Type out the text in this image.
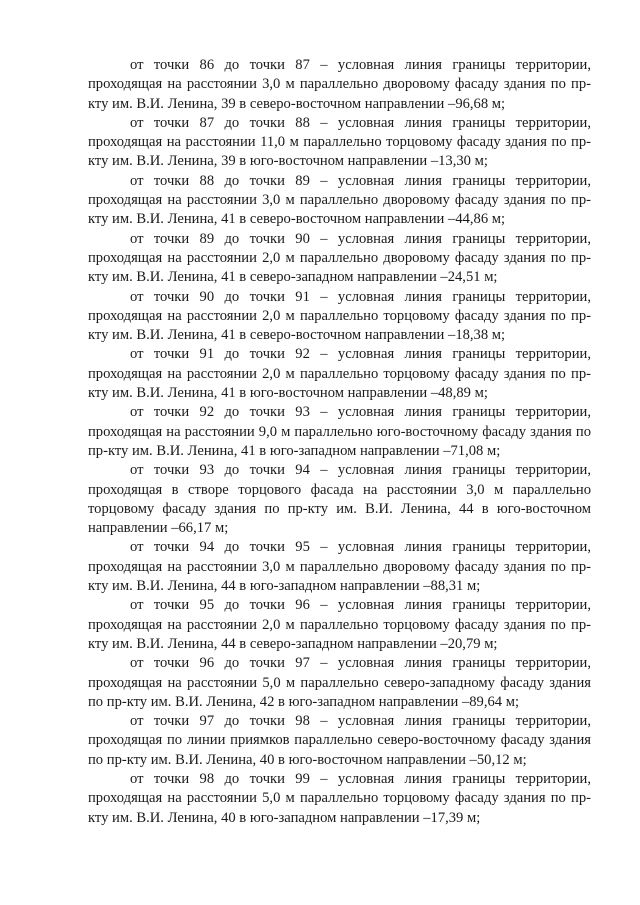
от точки 86 до точки 87 – условная линия границы территории, проходящая на расстоянии 3,0 м параллельно дворовому фасаду здания по пр-кту им. В.И. Ленина, 39 в северо-восточном направлении –96,68 м;

от точки 87 до точки 88 – условная линия границы территории, проходящая на расстоянии 11,0 м параллельно торцовому фасаду здания по пр-кту им. В.И. Ленина, 39 в юго-восточном направлении –13,30 м;

от точки 88 до точки 89 – условная линия границы территории, проходящая на расстоянии 3,0 м параллельно дворовому фасаду здания по пр-кту им. В.И. Ленина, 41 в северо-восточном направлении –44,86 м;

от точки 89 до точки 90 – условная линия границы территории, проходящая на расстоянии 2,0 м параллельно дворовому фасаду здания по пр-кту им. В.И. Ленина, 41 в северо-западном направлении –24,51 м;

от точки 90 до точки 91 – условная линия границы территории, проходящая на расстоянии 2,0 м параллельно торцовому фасаду здания по пр-кту им. В.И. Ленина, 41 в северо-восточном направлении –18,38 м;

от точки 91 до точки 92 – условная линия границы территории, проходящая на расстоянии 2,0 м параллельно торцовому фасаду здания по пр-кту им. В.И. Ленина, 41 в юго-восточном направлении –48,89 м;

от точки 92 до точки 93 – условная линия границы территории, проходящая на расстоянии 9,0 м параллельно юго-восточному фасаду здания по пр-кту им. В.И. Ленина, 41 в юго-западном направлении –71,08 м;

от точки 93 до точки 94 – условная линия границы территории, проходящая в створе торцового фасада на расстоянии 3,0 м параллельно торцовому фасаду здания по пр-кту им. В.И. Ленина, 44 в юго-восточном направлении –66,17 м;

от точки 94 до точки 95 – условная линия границы территории, проходящая на расстоянии 3,0 м параллельно дворовому фасаду здания по пр-кту им. В.И. Ленина, 44 в юго-западном направлении –88,31 м;

от точки 95 до точки 96 – условная линия границы территории, проходящая на расстоянии 2,0 м параллельно торцовому фасаду здания по пр-кту им. В.И. Ленина, 44 в северо-западном направлении –20,79 м;

от точки 96 до точки 97 – условная линия границы территории, проходящая на расстоянии 5,0 м параллельно северо-западному фасаду здания по пр-кту им. В.И. Ленина, 42 в юго-западном направлении –89,64 м;

от точки 97 до точки 98 – условная линия границы территории, проходящая по линии приямков параллельно северо-восточному фасаду здания по пр-кту им. В.И. Ленина, 40 в юго-восточном направлении –50,12 м;

от точки 98 до точки 99 – условная линия границы территории, проходящая на расстоянии 5,0 м параллельно торцовому фасаду здания по пр-кту им. В.И. Ленина, 40 в юго-западном направлении –17,39 м;
